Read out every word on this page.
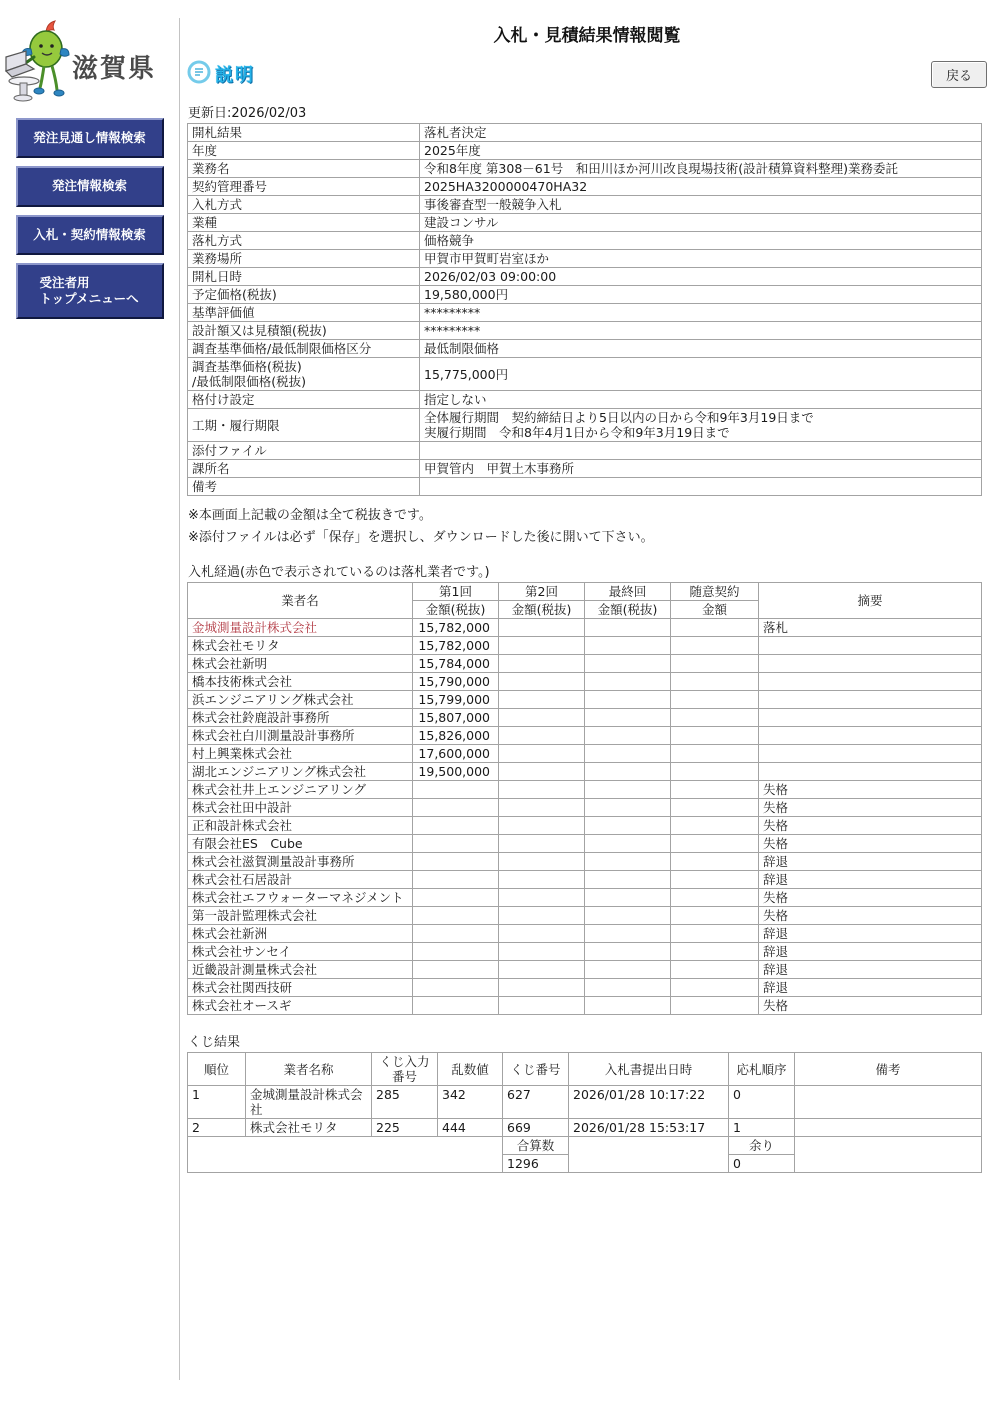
滋賀県
発注見通し情報検索
発注情報検索
入札・契約情報検索
受注者用
トップメニューへ
入札・見積結果情報閲覧
説明	戻る
更新日:2026/02/03
開札結果	落札者決定
年度	2025年度
業務名	令和8年度 第308－61号　和田川ほか河川改良現場技術(設計積算資料整理)業務委託
契約管理番号	2025HA3200000470HA32
入札方式	事後審査型一般競争入札
業種	建設コンサル
落札方式	価格競争
業務場所	甲賀市甲賀町岩室ほか
開札日時	2026/02/03 09:00:00
予定価格(税抜)	19,580,000円
基準評価値	*********
設計額又は見積額(税抜)	*********
調査基準価格/最低制限価格区分	最低制限価格
調査基準価格(税抜)
/最低制限価格(税抜)	15,775,000円
格付け設定	指定しない
工期・履行期限	全体履行期間　契約締結日より5日以内の日から令和9年3月19日まで
実履行期間　令和8年4月1日から令和9年3月19日まで
添付ファイル	
課所名	甲賀管内　甲賀土木事務所
備考	
※本画面上記載の金額は全て税抜きです。
※添付ファイルは必ず「保存」を選択し、ダウンロードした後に開いて下さい。
入札経過(赤色で表示されているのは落札業者です。)
業者名	第1回	第2回	最終回	随意契約	摘要
	金額(税抜)	金額(税抜)	金額(税抜)	金額	
金城測量設計株式会社	15,782,000				落札
株式会社モリタ	15,782,000				
株式会社新明	15,784,000				
橋本技術株式会社	15,790,000				
浜エンジニアリング株式会社	15,799,000				
株式会社鈴鹿設計事務所	15,807,000				
株式会社白川測量設計事務所	15,826,000				
村上興業株式会社	17,600,000				
湖北エンジニアリング株式会社	19,500,000				
株式会社井上エンジニアリング					失格
株式会社田中設計					失格
正和設計株式会社					失格
有限会社ES　Cube					失格
株式会社滋賀測量設計事務所					辞退
株式会社石居設計					辞退
株式会社エフウォーターマネジメント					失格
第一設計監理株式会社					失格
株式会社新洲					辞退
株式会社サンセイ					辞退
近畿設計測量株式会社					辞退
株式会社関西技研					辞退
株式会社オースギ					失格
くじ結果
順位	業者名称	くじ入力番号	乱数値	くじ番号	入札書提出日時	応札順序	備考
1	金城測量設計株式会社	285	342	627	2026/01/28 10:17:22	0	
2	株式会社モリタ	225	444	669	2026/01/28 15:53:17	1	
				合算数		余り	
				1296		0	
